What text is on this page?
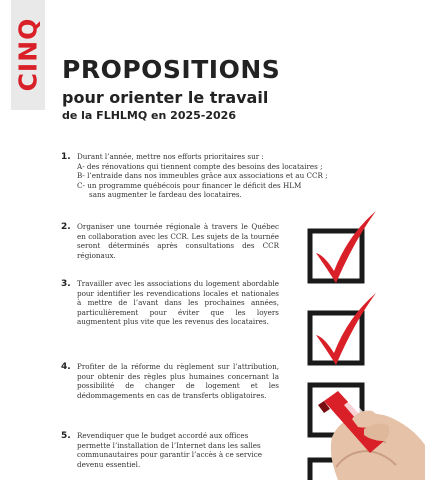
CINQ PROPOSITIONS
pour orienter le travail
de la FLHLMQ en 2025-2026
1. Durant l’année, mettre nos efforts prioritaires sur :
A- des rénovations qui tiennent compte des besoins des locataires ;
B- l’entraide dans nos immeubles grâce aux associations et au CCR ;
C- un programme québécois pour financer le déficit des HLM
sans augmenter le fardeau des locataires.
2. Organiser une tournée régionale à travers le Québec en collaboration avec les CCR. Les sujets de la tournée seront déterminés après consultations des CCR régionaux.
3. Travailler avec les associations du logement abordable pour identifier les revendications locales et nationales à mettre de l’avant dans les prochaines années, particulièrement pour éviter que les loyers augmentent plus vite que les revenus des locataires.
4. Profiter de la réforme du règlement sur l’attribution, pour obtenir des règles plus humaines concernant la possibilité de changer de logement et les dédommagements en cas de transferts obligatoires.
5. Revendiquer que le budget accordé aux offices permette l’installation de l’Internet dans les salles communautaires pour garantir l’accès à ce service devenu essentiel.
